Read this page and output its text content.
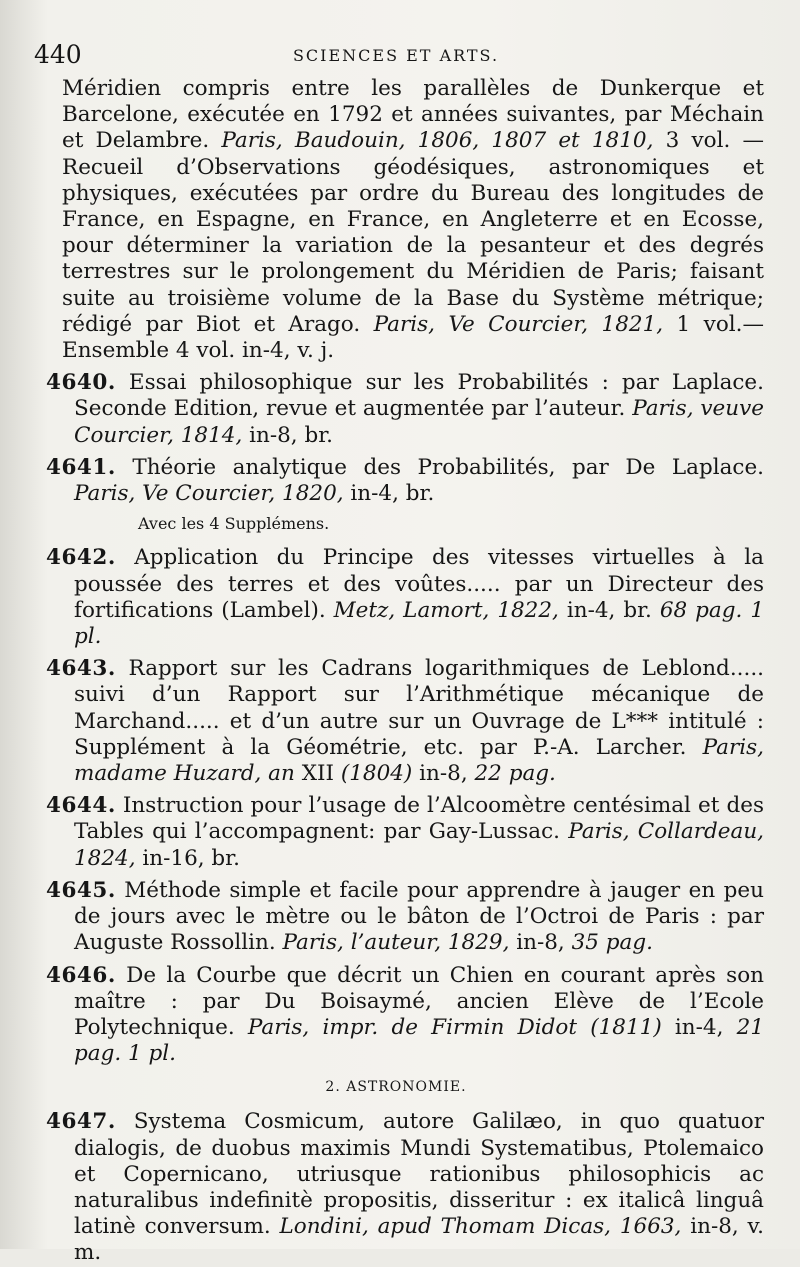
440	SCIENCES ET ARTS.

Méridien compris entre les parallèles de Dunkerque et Barcelone, exécutée en 1792 et années suivantes, par Méchain et Delambre. Paris, Baudouin, 1806, 1807 et 1810, 3 vol. — Recueil d’Observations géodésiques, astronomiques et physiques, exécutées par ordre du Bureau des longitudes de France, en Espagne, en France, en Angleterre et en Ecosse, pour déterminer la variation de la pesanteur et des degrés terrestres sur le prolongement du Méridien de Paris; faisant suite au troisième volume de la Base du Système métrique; rédigé par Biot et Arago. Paris, Ve Courcier, 1821, 1 vol.—Ensemble 4 vol. in-4, v. j.

4640. Essai philosophique sur les Probabilités : par Laplace. Seconde Edition, revue et augmentée par l’auteur. Paris, veuve Courcier, 1814, in-8, br.

4641. Théorie analytique des Probabilités, par De Laplace. Paris, Ve Courcier, 1820, in-4, br.

Avec les 4 Supplémens.

4642. Application du Principe des vitesses virtuelles à la poussée des terres et des voûtes..... par un Directeur des fortifications (Lambel). Metz, Lamort, 1822, in-4, br. 68 pag. 1 pl.

4643. Rapport sur les Cadrans logarithmiques de Leblond..... suivi d’un Rapport sur l’Arithmétique mécanique de Marchand..... et d’un autre sur un Ouvrage de L*** intitulé : Supplément à la Géométrie, etc. par P.-A. Larcher. Paris, madame Huzard, an XII (1804) in-8, 22 pag.

4644. Instruction pour l’usage de l’Alcoomètre centésimal et des Tables qui l’accompagnent: par Gay-Lussac. Paris, Collardeau, 1824, in-16, br.

4645. Méthode simple et facile pour apprendre à jauger en peu de jours avec le mètre ou le bâton de l’Octroi de Paris : par Auguste Rossollin. Paris, l’auteur, 1829, in-8, 35 pag.

4646. De la Courbe que décrit un Chien en courant après son maître : par Du Boisaymé, ancien Elève de l’Ecole Polytechnique. Paris, impr. de Firmin Didot (1811) in-4, 21 pag. 1 pl.

2. ASTRONOMIE.

4647. Systema Cosmicum, autore Galilæo, in quo quatuor dialogis, de duobus maximis Mundi Systematibus, Ptolemaico et Copernicano, utriusque rationibus philosophicis ac naturalibus indefinitè propositis, disseritur : ex italicâ linguâ latinè conversum. Londini, apud Thomam Dicas, 1663, in-8, v. m.
